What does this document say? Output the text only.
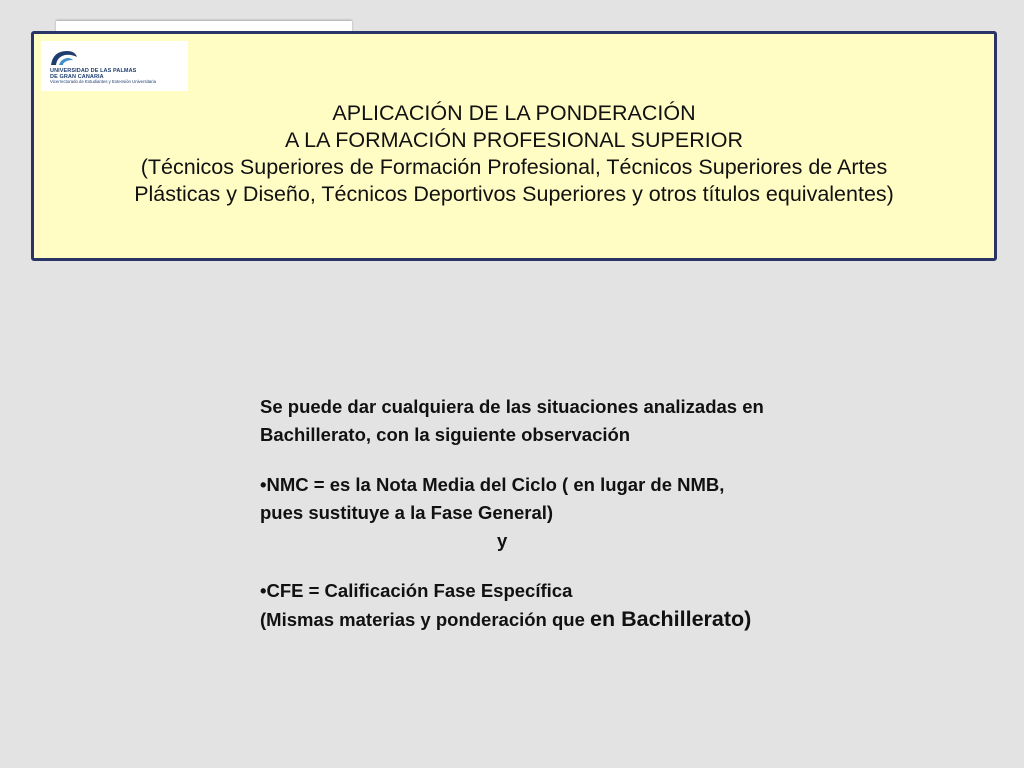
UNIVERSIDAD DE LAS PALMAS
DE GRAN CANARIA
Vicerrectorado de Estudiantes y Extensión Universitaria
APLICACIÓN DE LA PONDERACIÓN
A LA FORMACIÓN PROFESIONAL SUPERIOR
(Técnicos Superiores de Formación Profesional, Técnicos Superiores de Artes
Plásticas y Diseño, Técnicos Deportivos Superiores y otros títulos equivalentes)
Se puede dar cualquiera de las situaciones analizadas en
Bachillerato, con la siguiente observación
•NMC = es la Nota Media del Ciclo ( en lugar de NMB,
pues sustituye a la Fase General)
y
•CFE = Calificación Fase Específica
(Mismas materias y ponderación que en Bachillerato)
